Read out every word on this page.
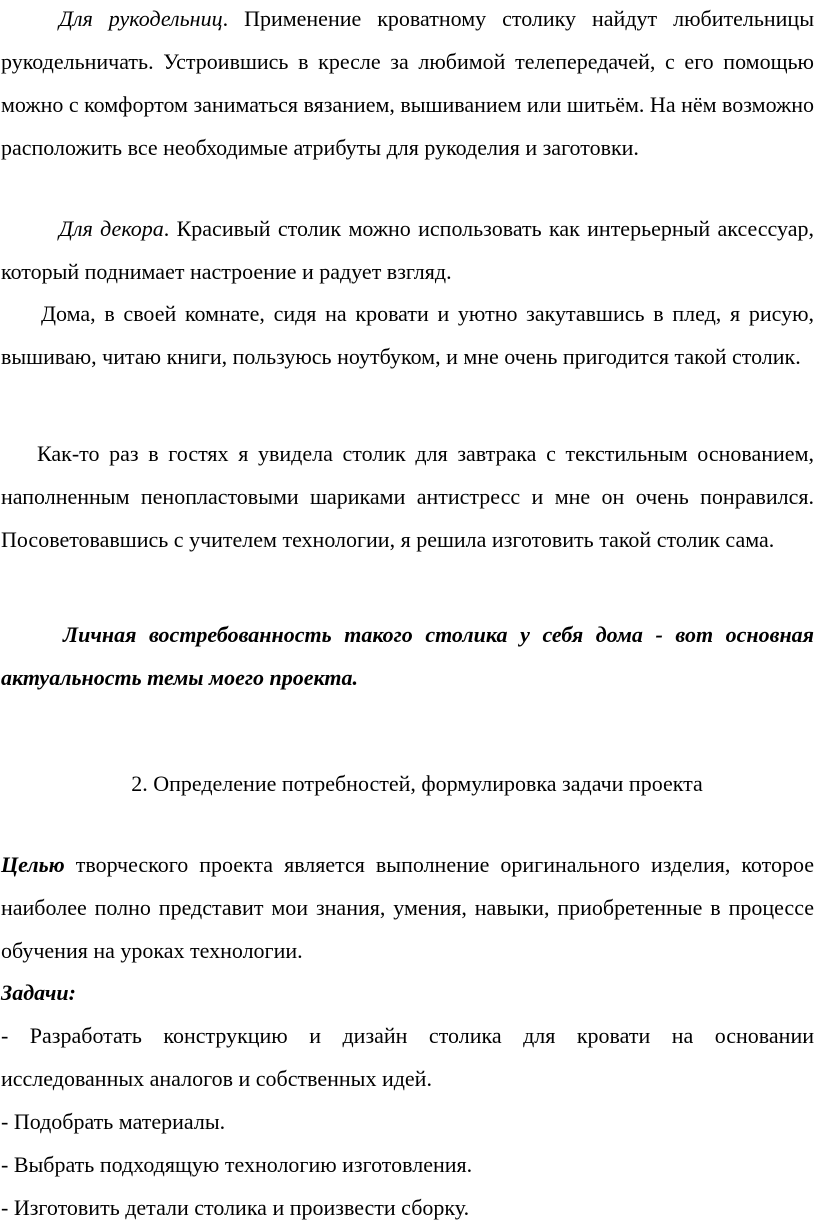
Для рукодельниц. Применение кроватному столику найдут любительницы рукодельничать. Устроившись в кресле за любимой телепередачей, с его помощью можно с комфортом заниматься вязанием, вышиванием или шитьём. На нём возможно расположить все необходимые атрибуты для рукоделия и заготовки.

Для декора. Красивый столик можно использовать как интерьерный аксессуар, который поднимает настроение и радует взгляд.

Дома, в своей комнате, сидя на кровати и уютно закутавшись в плед, я рисую, вышиваю, читаю книги, пользуюсь ноутбуком, и мне очень пригодится такой столик.

Как-то раз в гостях я увидела столик для завтрака с текстильным основанием, наполненным пенопластовыми шариками антистресс и мне он очень понравился. Посоветовавшись с учителем технологии, я решила изготовить такой столик сама.

Личная востребованность такого столика у себя дома - вот основная актуальность темы моего проекта.

2. Определение потребностей, формулировка задачи проекта

Целью творческого проекта является выполнение оригинального изделия, которое наиболее полно представит мои знания, умения, навыки, приобретенные в процессе обучения на уроках технологии.

Задачи:

- Разработать конструкцию и дизайн столика для кровати на основании исследованных аналогов и собственных идей.

- Подобрать материалы.

- Выбрать подходящую технологию изготовления.

- Изготовить детали столика и произвести сборку.
